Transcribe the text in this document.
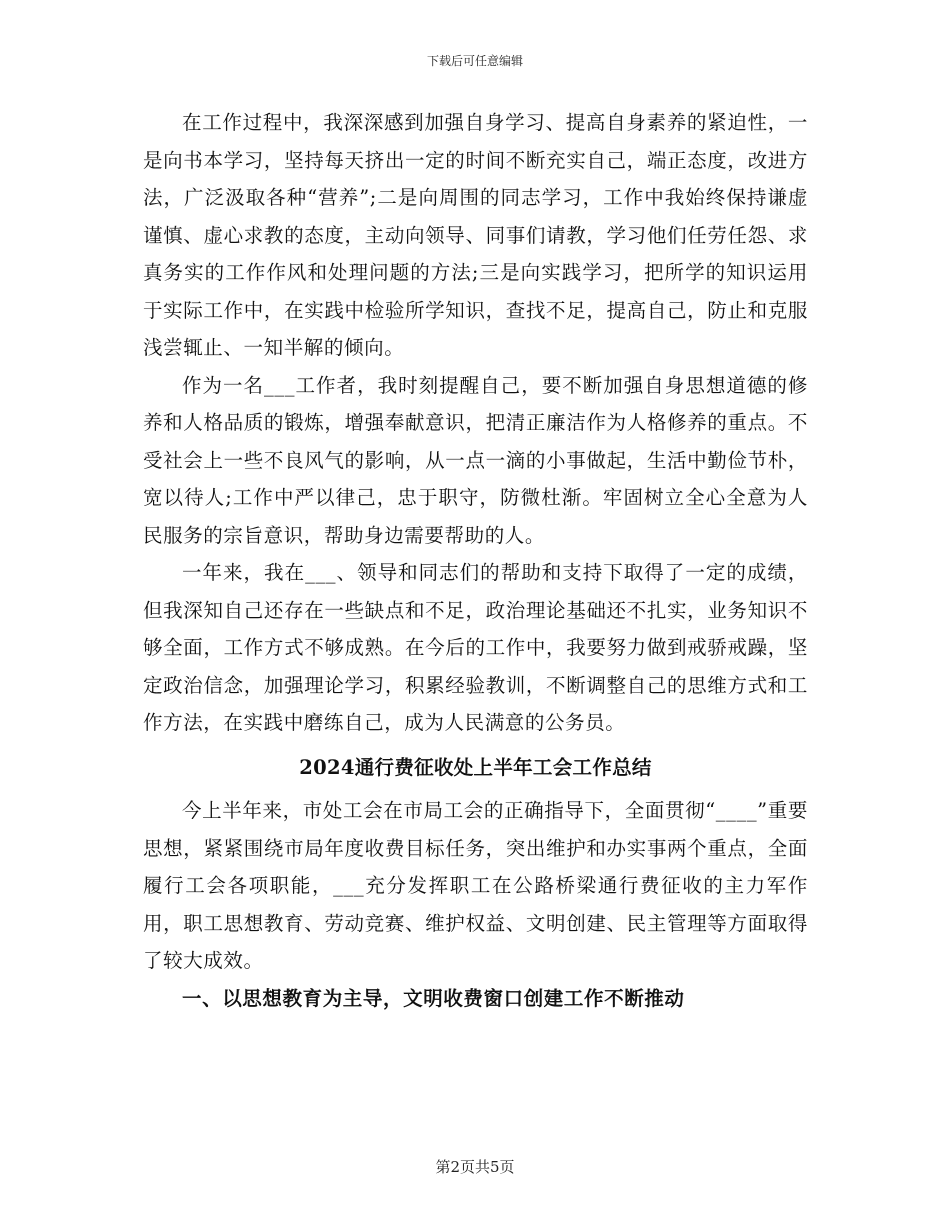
下载后可任意编辑

在工作过程中，我深深感到加强自身学习、提高自身素养的紧迫性，一是向书本学习，坚持每天挤出一定的时间不断充实自己，端正态度，改进方法，广泛汲取各种“营养”;二是向周围的同志学习，工作中我始终保持谦虚谨慎、虚心求教的态度，主动向领导、同事们请教，学习他们任劳任怨、求真务实的工作作风和处理问题的方法;三是向实践学习，把所学的知识运用于实际工作中，在实践中检验所学知识，查找不足，提高自己，防止和克服浅尝辄止、一知半解的倾向。

作为一名___工作者，我时刻提醒自己，要不断加强自身思想道德的修养和人格品质的锻炼，增强奉献意识，把清正廉洁作为人格修养的重点。不受社会上一些不良风气的影响，从一点一滴的小事做起，生活中勤俭节朴，宽以待人;工作中严以律己，忠于职守，防微杜渐。牢固树立全心全意为人民服务的宗旨意识，帮助身边需要帮助的人。

一年来，我在___、领导和同志们的帮助和支持下取得了一定的成绩，但我深知自己还存在一些缺点和不足，政治理论基础还不扎实，业务知识不够全面，工作方式不够成熟。在今后的工作中，我要努力做到戒骄戒躁，坚定政治信念，加强理论学习，积累经验教训，不断调整自己的思维方式和工作方法，在实践中磨练自己，成为人民满意的公务员。

2024通行费征收处上半年工会工作总结

今上半年来，市处工会在市局工会的正确指导下，全面贯彻“____”重要思想，紧紧围绕市局年度收费目标任务，突出维护和办实事两个重点，全面履行工会各项职能，___充分发挥职工在公路桥梁通行费征收的主力军作用，职工思想教育、劳动竞赛、维护权益、文明创建、民主管理等方面取得了较大成效。

一、以思想教育为主导，文明收费窗口创建工作不断推动

第2页共5页
